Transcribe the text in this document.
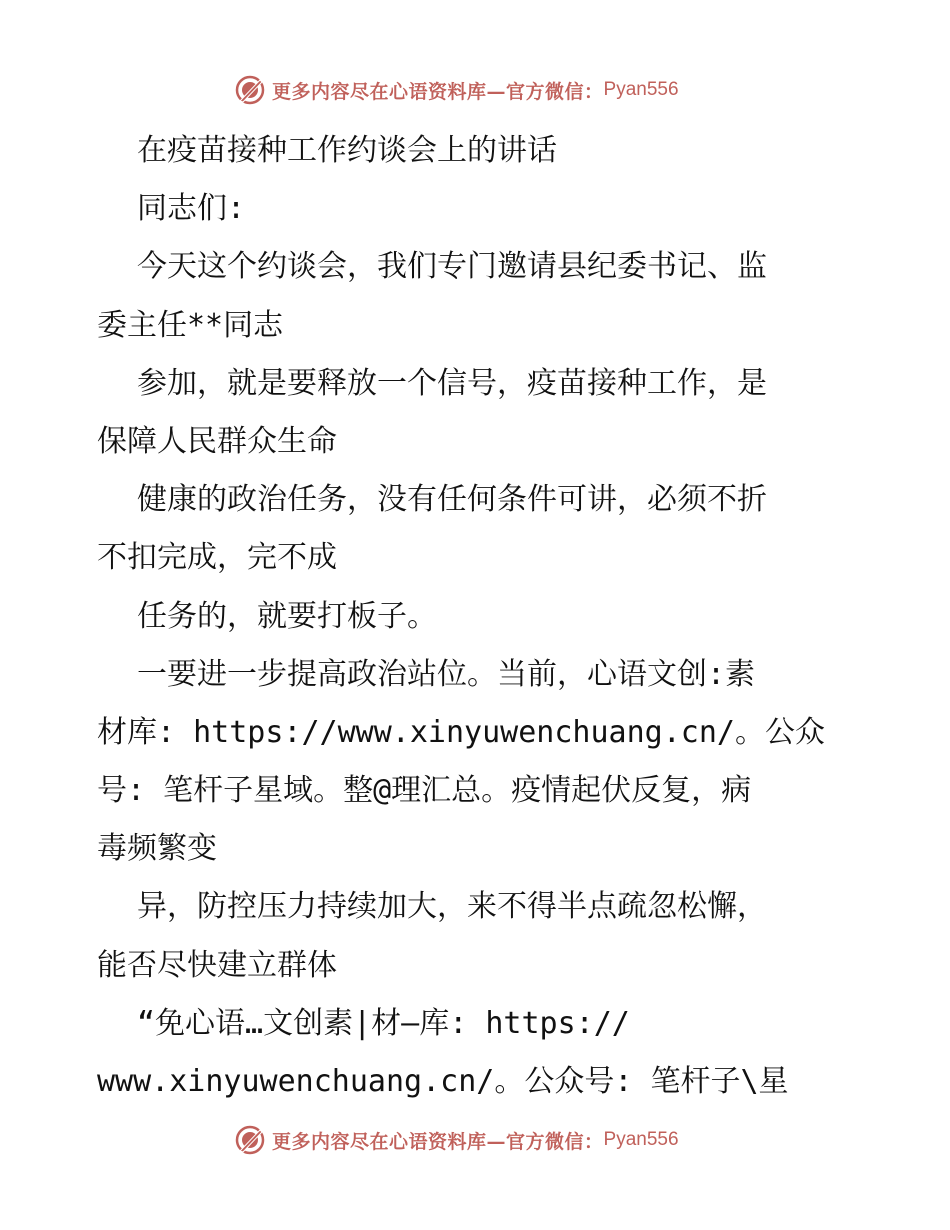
更多内容尽在心语资料库—官方微信： Pyan556
在疫苗接种工作约谈会上的讲话
同志们:
今天这个约谈会，我们专门邀请县纪委书记、监
委主任**同志
参加，就是要释放一个信号，疫苗接种工作，是
保障人民群众生命
健康的政治任务，没有任何条件可讲，必须不折
不扣完成，完不成
任务的，就要打板子。
一要进一步提高政治站位。当前，心语文创:素
材库: https://www.xinyuwenchuang.cn/。公众
号: 笔杆子星域。整@理汇总。疫情起伏反复，病
毒频繁变
异，防控压力持续加大，来不得半点疏忽松懈，
能否尽快建立群体
“免心语…文创素|材—库: https://
www.xinyuwenchuang.cn/。公众号: 笔杆子\星
更多内容尽在心语资料库—官方微信： Pyan556
